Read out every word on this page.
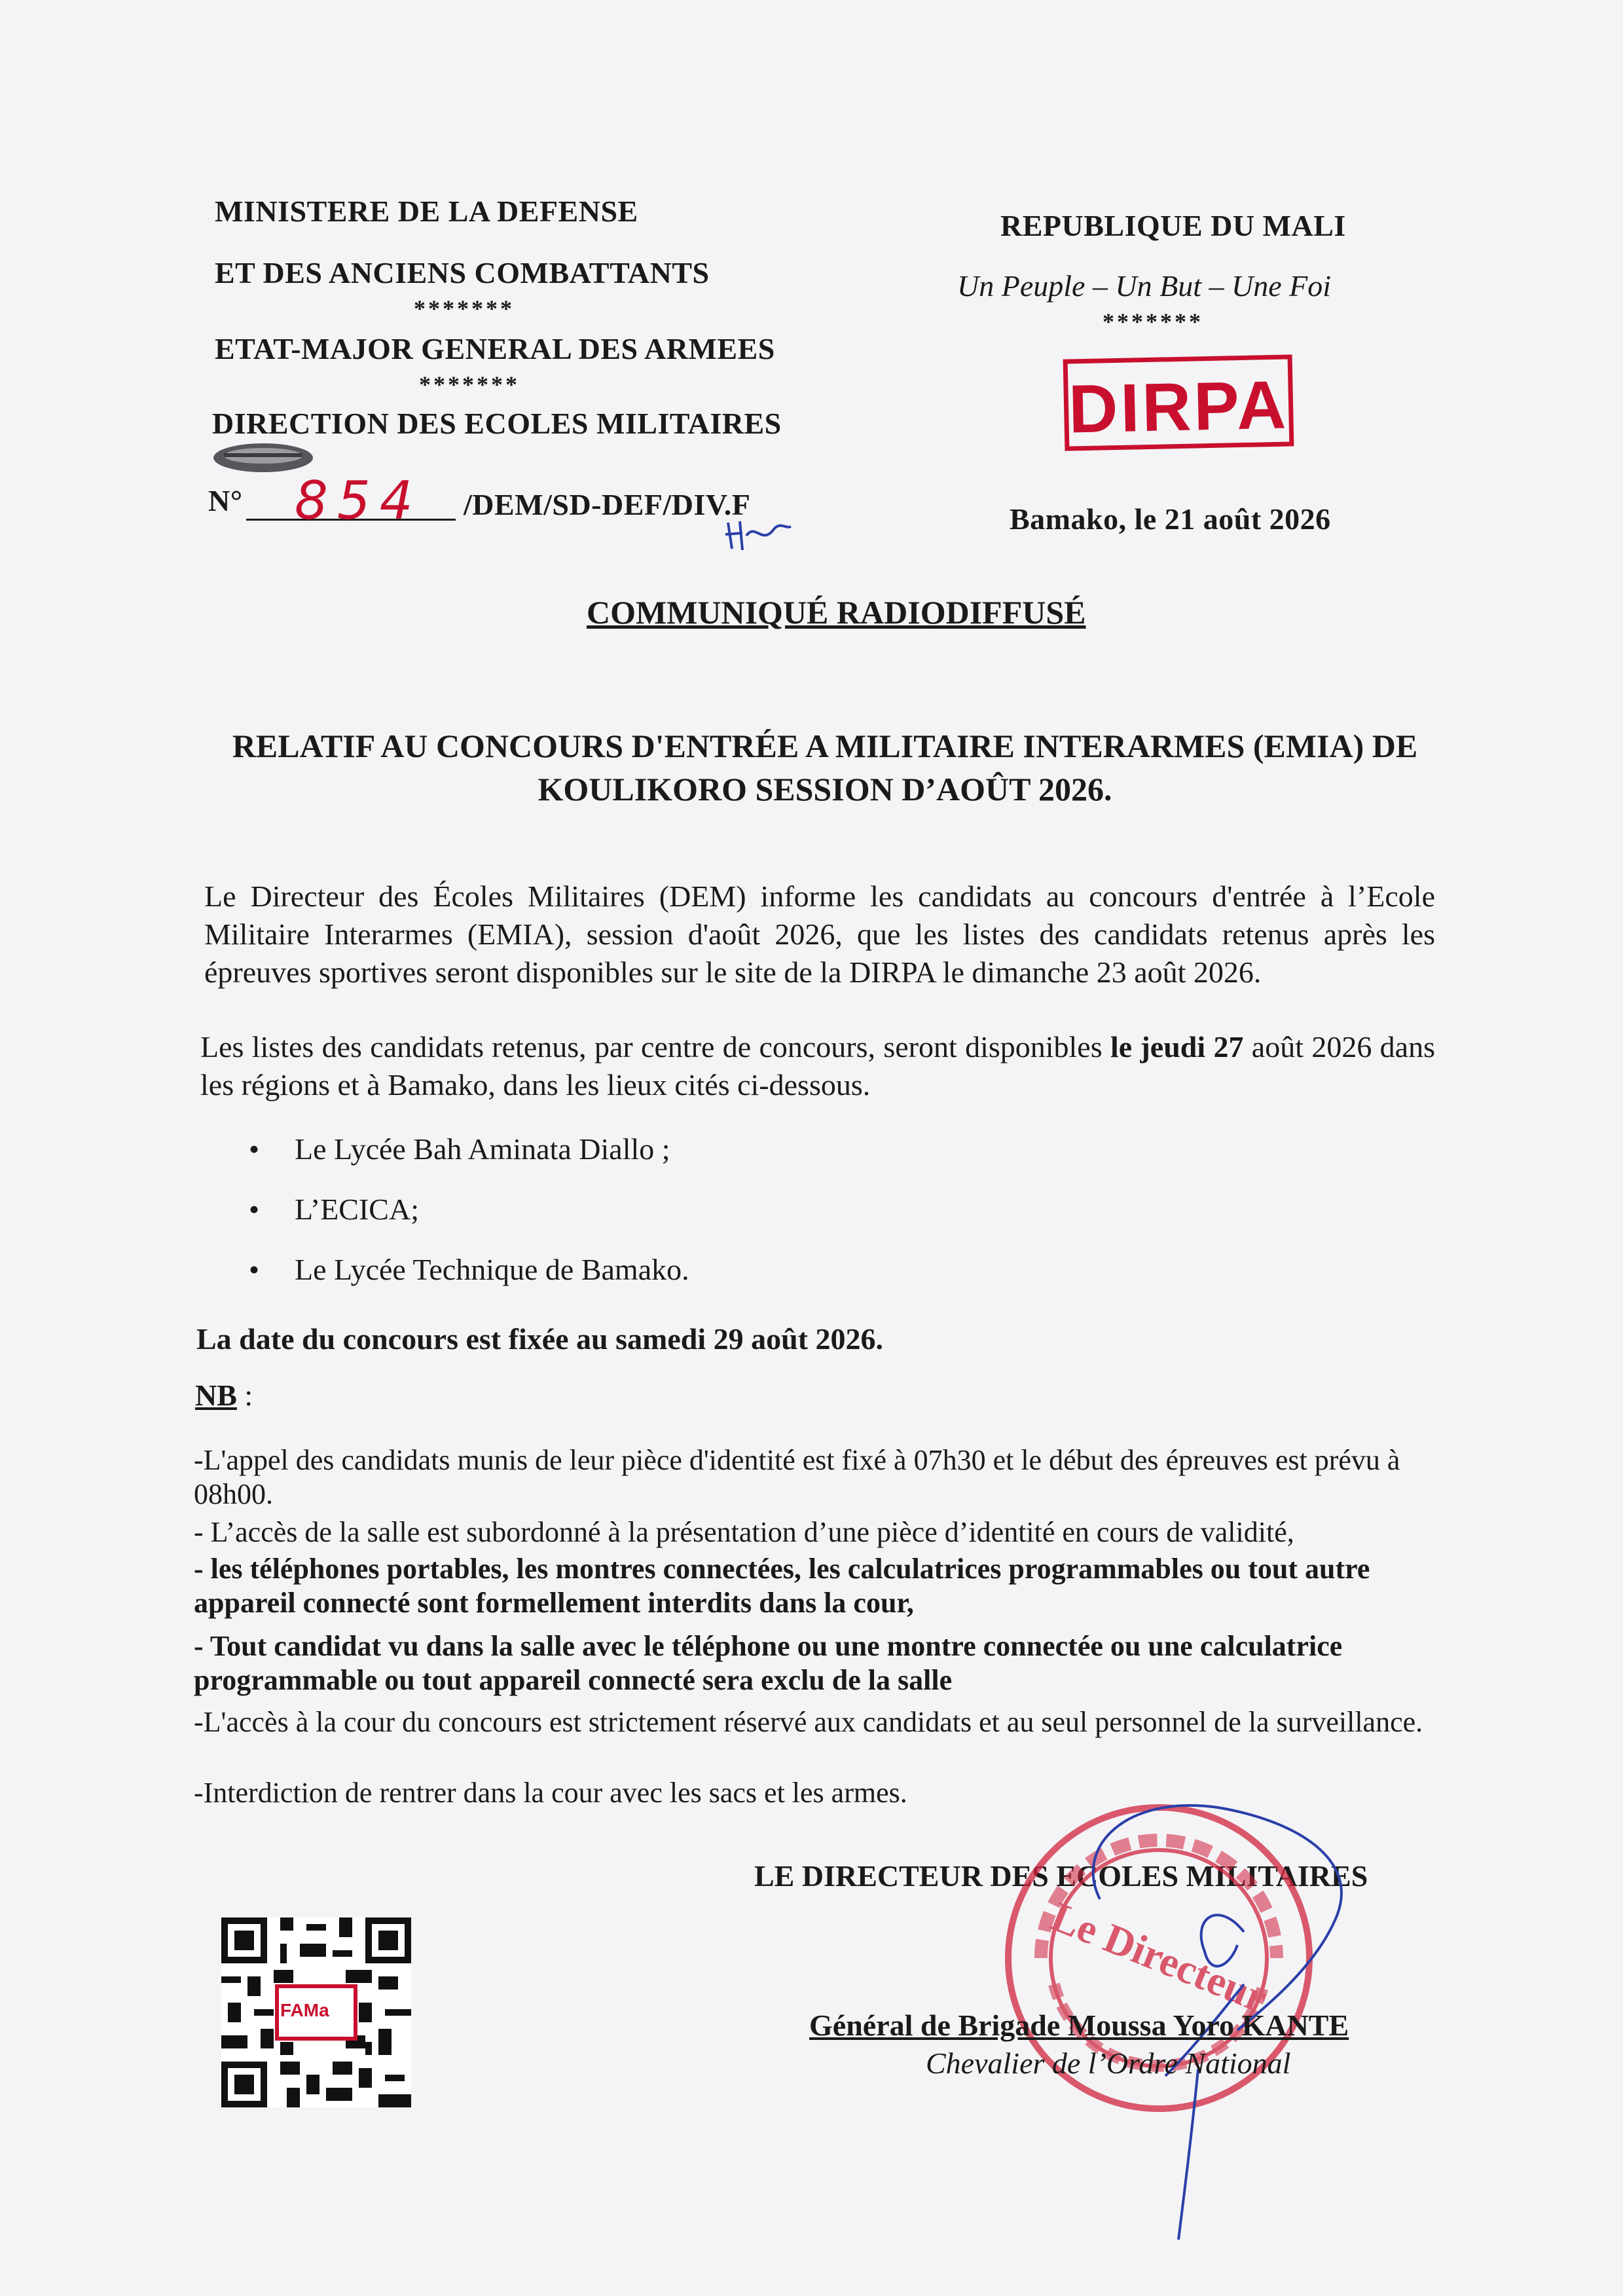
MINISTERE DE LA DEFENSE
ET DES ANCIENS COMBATTANTS
*******
ETAT-MAJOR GENERAL DES ARMEES
*******
DIRECTION DES ECOLES MILITAIRES
N° 854 /DEM/SD-DEF/DIV.F
REPUBLIQUE DU MALI
Un Peuple – Un But – Une Foi
*******
DIRPA
Bamako, le 21 août 2026
COMMUNIQUÉ RADIODIFFUSÉ
RELATIF AU CONCOURS D'ENTRÉE A MILITAIRE INTERARMES (EMIA) DE
KOULIKORO SESSION D’AOÛT 2026.
Le Directeur des Écoles Militaires (DEM) informe les candidats au concours d'entrée à l’Ecole Militaire Interarmes (EMIA), session d'août 2026, que les listes des candidats retenus après les épreuves sportives seront disponibles sur le site de la DIRPA le dimanche 23 août 2026.
Les listes des candidats retenus, par centre de concours, seront disponibles le jeudi 27 août 2026 dans les régions et à Bamako, dans les lieux cités ci-dessous.
• Le Lycée Bah Aminata Diallo ;
• L’ECICA;
• Le Lycée Technique de Bamako.
La date du concours est fixée au samedi 29 août 2026.
NB :
-L'appel des candidats munis de leur pièce d'identité est fixé à 07h30 et le début des épreuves est prévu à 08h00.
- L’accès de la salle est subordonné à la présentation d’une pièce d’identité en cours de validité,
- les téléphones portables, les montres connectées, les calculatrices programmables ou tout autre appareil connecté sont formellement interdits dans la cour,
- Tout candidat vu dans la salle avec le téléphone ou une montre connectée ou une calculatrice programmable ou tout appareil connecté sera exclu de la salle
-L'accès à la cour du concours est strictement réservé aux candidats et au seul personnel de la surveillance.
-Interdiction de rentrer dans la cour avec les sacs et les armes.
FAMa
LE DIRECTEUR DES ECOLES MILITAIRES
Le Directeur
Général de Brigade Moussa Yoro KANTE
Chevalier de l’Ordre National
